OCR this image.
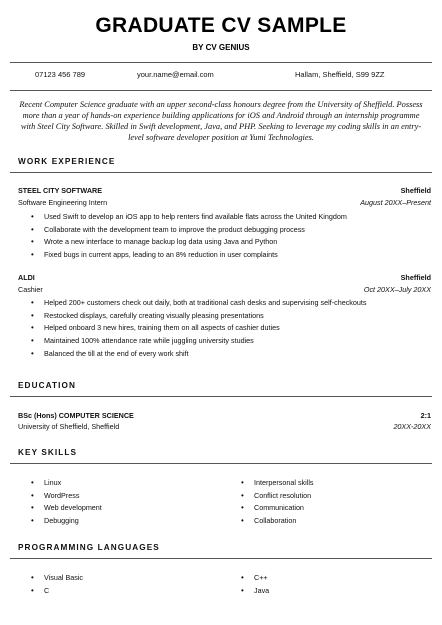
GRADUATE CV SAMPLE
BY CV GENIUS
07123 456 789	your.name@email.com	Hallam, Sheffield, S99 9ZZ
Recent Computer Science graduate with an upper second-class honours degree from the University of Sheffield. Possess more than a year of hands-on experience building applications for iOS and Android through an internship programme with Steel City Software. Skilled in Swift development, Java, and PHP. Seeking to leverage my coding skills in an entry-level software developer position at Yumi Technologies.
WORK EXPERIENCE
STEEL CITY SOFTWARE	Sheffield
Software Engineering Intern	August 20XX–Present
• Used Swift to develop an iOS app to help renters find available flats across the United Kingdom
• Collaborate with the development team to improve the product debugging process
• Wrote a new interface to manage backup log data using Java and Python
• Fixed bugs in current apps, leading to an 8% reduction in user complaints
ALDI	Sheffield
Cashier	Oct 20XX–July 20XX
• Helped 200+ customers check out daily, both at traditional cash desks and supervising self-checkouts
• Restocked displays, carefully creating visually pleasing presentations
• Helped onboard 3 new hires, training them on all aspects of cashier duties
• Maintained 100% attendance rate while juggling university studies
• Balanced the till at the end of every work shift
EDUCATION
BSc (Hons) COMPUTER SCIENCE	2:1
University of Sheffield, Sheffield	20XX-20XX
KEY SKILLS
• Linux
• WordPress
• Web development
• Debugging
• Interpersonal skills
• Conflict resolution
• Communication
• Collaboration
PROGRAMMING LANGUAGES
• Visual Basic
• C
• C++
• Java
